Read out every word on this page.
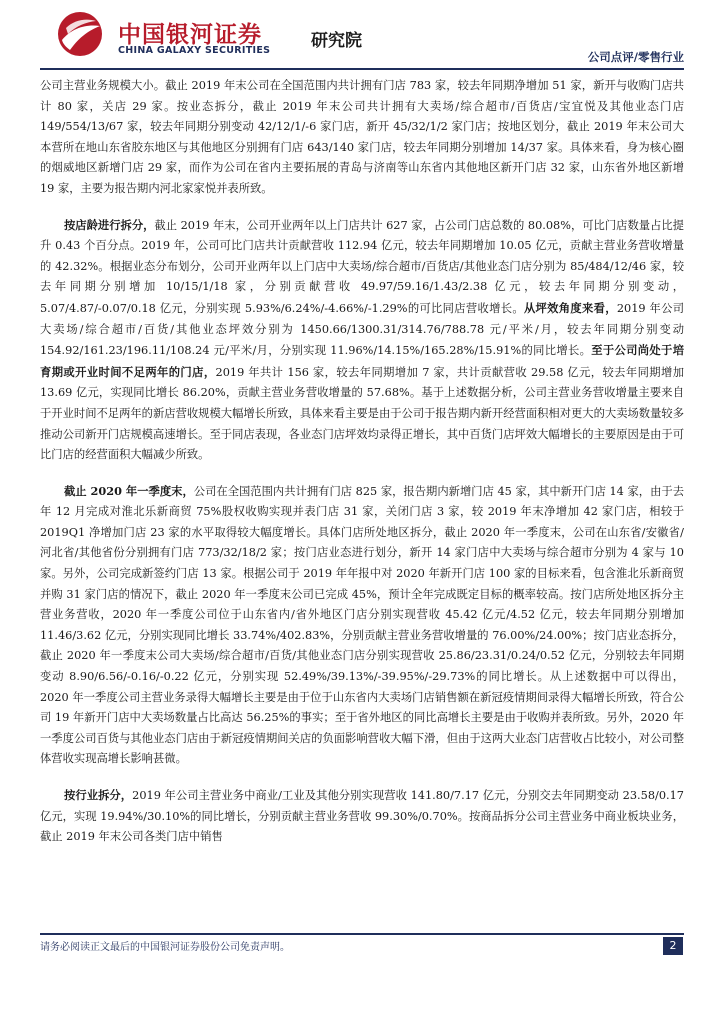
中国银河证券
CHINA GALAXY SECURITIES 研究院
公司点评/零售行业

公司主营业务规模大小。截止 2019 年末公司在全国范围内共计拥有门店 783 家，较去年同期净增加 51 家，新开与收购门店共计 80 家，关店 29 家。按业态拆分，截止 2019 年末公司共计拥有大卖场/综合超市/百货店/宝宜悦及其他业态门店 149/554/13/67 家，较去年同期分别变动 42/12/1/-6 家门店，新开 45/32/1/2 家门店；按地区划分，截止 2019 年末公司大本营所在地山东省胶东地区与其他地区分别拥有门店 643/140 家门店，较去年同期分别增加 14/37 家。具体来看，身为核心圈的烟威地区新增门店 29 家，而作为公司在省内主要拓展的青岛与济南等山东省内其他地区新开门店 32 家，山东省外地区新增 19 家，主要为报告期内河北家家悦并表所致。

按店龄进行拆分，截止 2019 年末，公司开业两年以上门店共计 627 家，占公司门店总数的 80.08%，可比门店数量占比提升 0.43 个百分点。2019 年，公司可比门店共计贡献营收 112.94 亿元，较去年同期增加 10.05 亿元，贡献主营业务营收增量的 42.32%。根据业态分布划分，公司开业两年以上门店中大卖场/综合超市/百货店/其他业态门店分别为 85/484/12/46 家，较去年同期分别增加 10/15/1/18 家，分别贡献营收 49.97/59.16/1.43/2.38 亿元，较去年同期分别变动，5.07/4.87/-0.07/0.18 亿元，分别实现 5.93%/6.24%/-4.66%/-1.29%的可比同店营收增长。从坪效角度来看，2019 年公司大卖场/综合超市/百货/其他业态坪效分别为 1450.66/1300.31/314.76/788.78 元/平米/月，较去年同期分别变动 154.92/161.23/196.11/108.24 元/平米/月，分别实现 11.96%/14.15%/165.28%/15.91%的同比增长。至于公司尚处于培育期或开业时间不足两年的门店，2019 年共计 156 家，较去年同期增加 7 家，共计贡献营收 29.58 亿元，较去年同期增加 13.69 亿元，实现同比增长 86.20%，贡献主营业务营收增量的 57.68%。基于上述数据分析，公司主营业务营收增量主要来自于开业时间不足两年的新店营收规模大幅增长所致，具体来看主要是由于公司于报告期内新开经营面积相对更大的大卖场数量较多推动公司新开门店规模高速增长。至于同店表现，各业态门店坪效均录得正增长，其中百货门店坪效大幅增长的主要原因是由于可比门店的经营面积大幅减少所致。

截止 2020 年一季度末，公司在全国范围内共计拥有门店 825 家，报告期内新增门店 45 家，其中新开门店 14 家，由于去年 12 月完成对淮北乐新商贸 75%股权收购实现并表门店 31 家，关闭门店 3 家，较 2019 年末净增加 42 家门店，相较于 2019Q1 净增加门店 23 家的水平取得较大幅度增长。具体门店所处地区拆分，截止 2020 年一季度末，公司在山东省/安徽省/河北省/其他省份分别拥有门店 773/32/18/2 家；按门店业态进行划分，新开 14 家门店中大卖场与综合超市分别为 4 家与 10 家。另外，公司完成新签约门店 13 家。根据公司于 2019 年年报中对 2020 年新开门店 100 家的目标来看，包含淮北乐新商贸并购 31 家门店的情况下，截止 2020 年一季度末公司已完成 45%，预计全年完成既定目标的概率较高。按门店所处地区拆分主营业务营收，2020 年一季度公司位于山东省内/省外地区门店分别实现营收 45.42 亿元/4.52 亿元，较去年同期分别增加 11.46/3.62 亿元，分别实现同比增长 33.74%/402.83%，分别贡献主营业务营收增量的 76.00%/24.00%；按门店业态拆分，截止 2020 年一季度末公司大卖场/综合超市/百货/其他业态门店分别实现营收 25.86/23.31/0.24/0.52 亿元，分别较去年同期变动 8.90/6.56/-0.16/-0.22 亿元，分别实现 52.49%/39.13%/-39.95%/-29.73%的同比增长。从上述数据中可以得出，2020 年一季度公司主营业务录得大幅增长主要是由于位于山东省内大卖场门店销售额在新冠疫情期间录得大幅增长所致，符合公司 19 年新开门店中大卖场数量占比高达 56.25%的事实；至于省外地区的同比高增长主要是由于收购并表所致。另外，2020 年一季度公司百货与其他业态门店由于新冠疫情期间关店的负面影响营收大幅下滑，但由于这两大业态门店营收占比较小，对公司整体营收实现高增长影响甚微。

按行业拆分，2019 年公司主营业务中商业/工业及其他分别实现营收 141.80/7.17 亿元，分别交去年同期变动 23.58/0.17 亿元，实现 19.94%/30.10%的同比增长，分别贡献主营业务营收 99.30%/0.70%。按商品拆分公司主营业务中商业板块业务，截止 2019 年末公司各类门店中销售

请务必阅读正文最后的中国银河证券股份公司免责声明。	2
